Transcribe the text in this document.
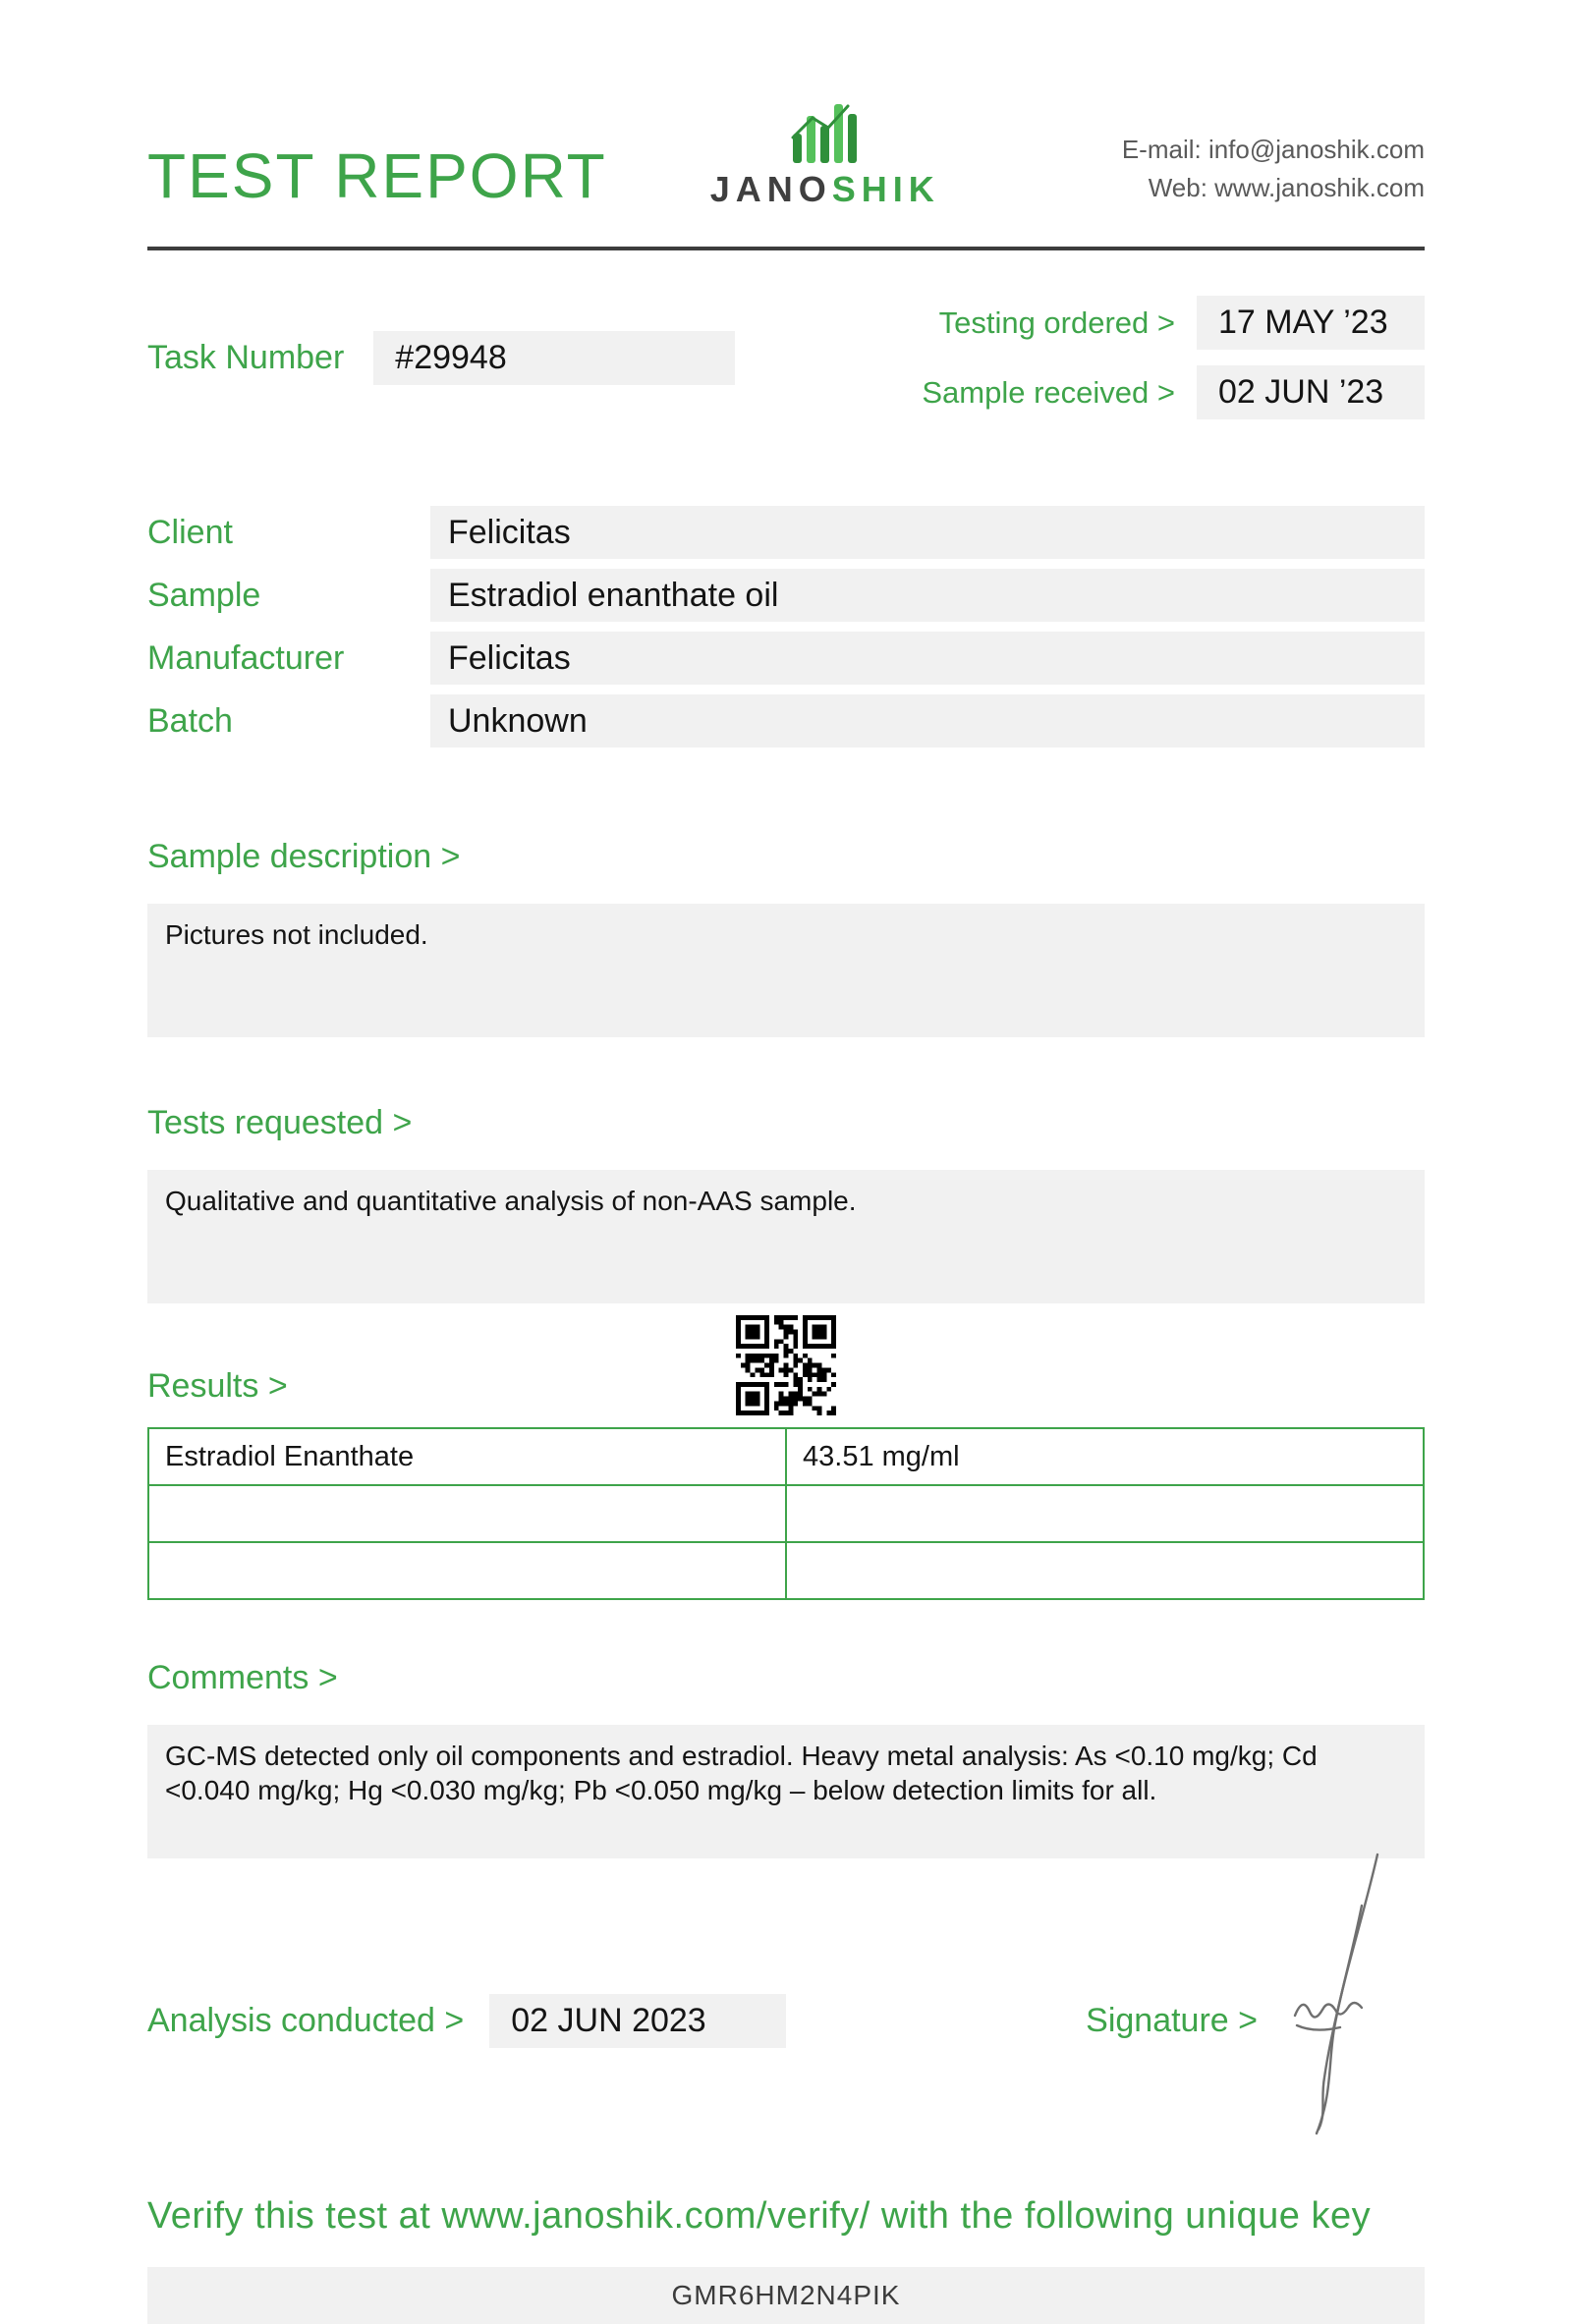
TEST REPORT	JANOSHIK
E-mail: info@janoshik.com
Web: www.janoshik.com
Task Number	#29948
Testing ordered >	17 MAY ’23
Sample received >	02 JUN ’23
Client	Felicitas
Sample	Estradiol enanthate oil
Manufacturer	Felicitas
Batch	Unknown
Sample description >
Pictures not included.
Tests requested >
Qualitative and quantitative analysis of non-AAS sample.
Results >
Estradiol Enanthate	43.51 mg/ml

Comments >
GC-MS detected only oil components and estradiol. Heavy metal analysis: As <0.10 mg/kg; Cd <0.040 mg/kg; Hg <0.030 mg/kg; Pb <0.050 mg/kg – below detection limits for all.
Analysis conducted >	02 JUN 2023	Signature >
Verify this test at www.janoshik.com/verify/ with the following unique key
GMR6HM2N4PIK
